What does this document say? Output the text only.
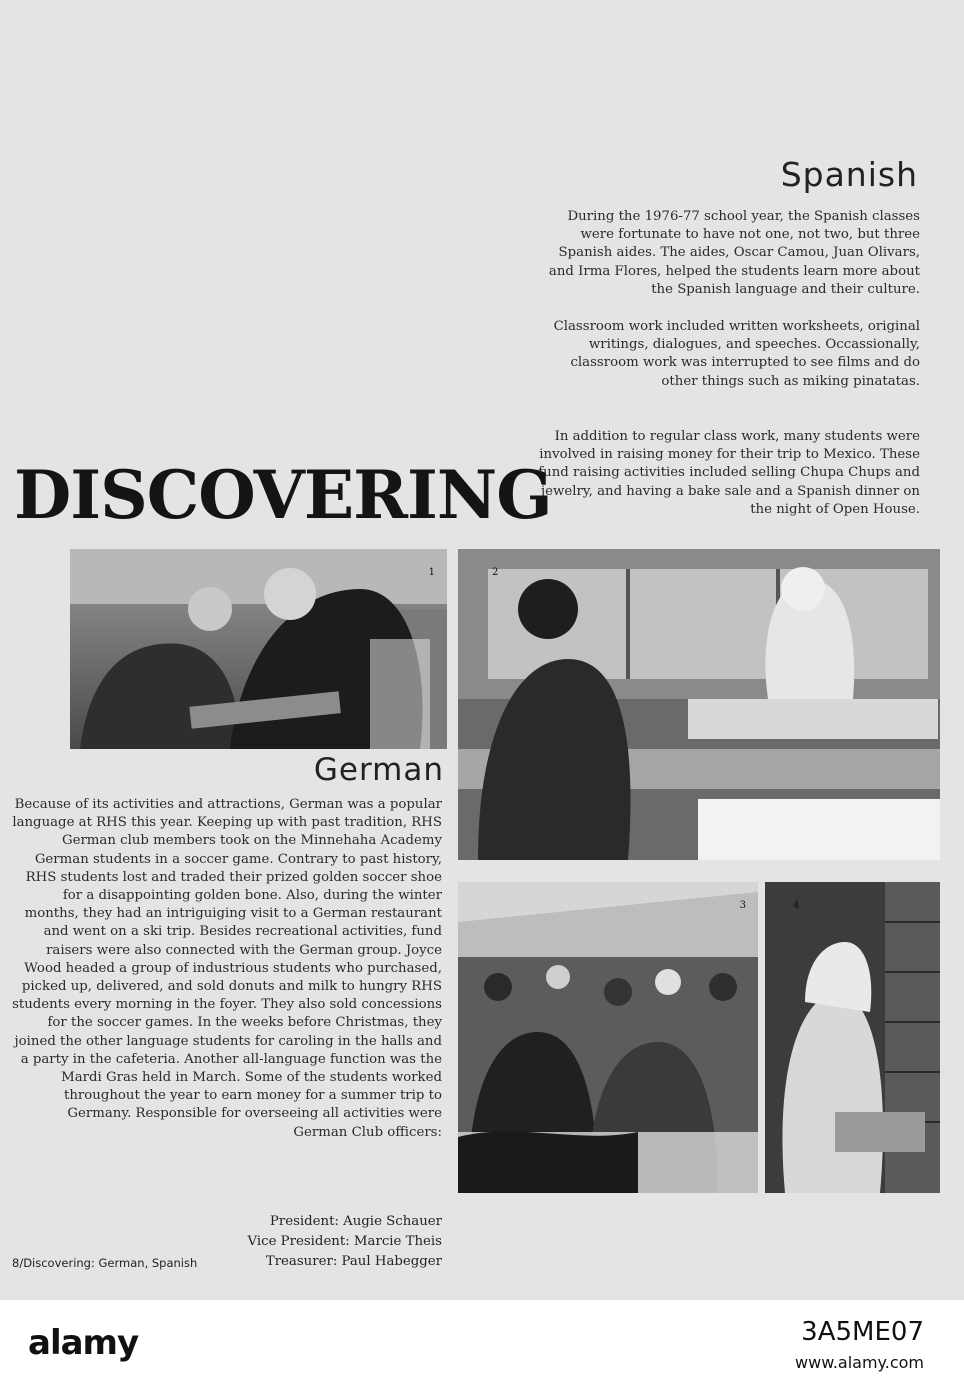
Spanish

During the 1976-77 school year, the Spanish classes were fortunate to have not one, not two, but three Spanish aides. The aides, Oscar Camou, Juan Olivars, and Irma Flores, helped the students learn more about the Spanish language and their culture.

Classroom work included written worksheets, original writings, dialogues, and speeches. Occassionally, classroom work was interrupted to see films and do other things such as miking pinatatas.

In addition to regular class work, many students were involved in raising money for their trip to Mexico. These fund raising activities included selling Chupa Chups and jewelry, and having a bake sale and a Spanish dinner on the night of Open House.

DISCOVERING
1	2
German

Because of its activities and attractions, German was a popular language at RHS this year. Keeping up with past tradition, RHS German club members took on the Minnehaha Academy German students in a soccer game. Contrary to past history, RHS students lost and traded their prized golden soccer shoe for a disappointing golden bone. Also, during the winter months, they had an intriguiging visit to a German restaurant and went on a ski trip. Besides recreational activities, fund raisers were also connected with the German group. Joyce Wood headed a group of industrious students who purchased, picked up, delivered, and sold donuts and milk to hungry RHS students every morning in the foyer. They also sold concessions for the soccer games. In the weeks before Christmas, they joined the other language students for caroling in the halls and a party in the cafeteria. Another all-language function was the Mardi Gras held in March. Some of the students worked throughout the year to earn money for a summer trip to Germany. Responsible for overseeing all activities were German Club officers:

President: Augie Schauer

Vice President: Marcie Theis

Treasurer: Paul Habegger

3	4

8/Discovering: German, Spanish

alamy	3A5ME07

www.alamy.com
